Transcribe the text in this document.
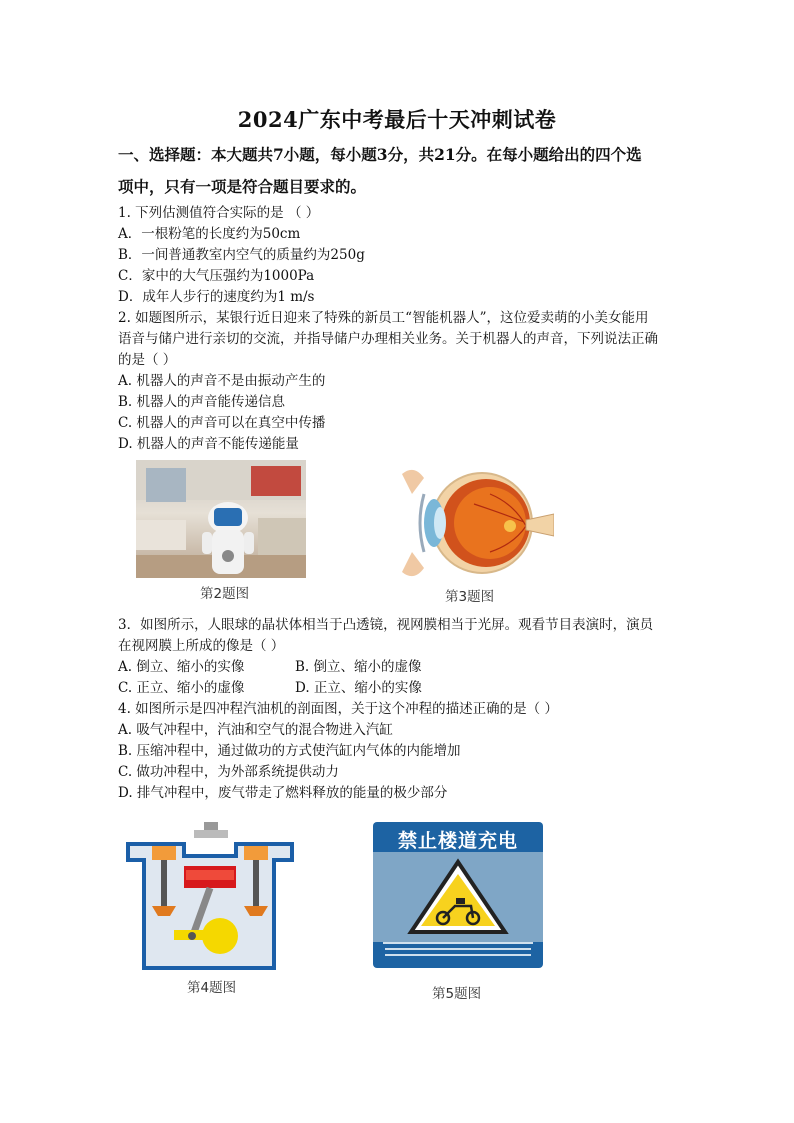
2024广东中考最后十天冲刺试卷
一、选择题：本大题共7小题，每小题3分，共21分。在每小题给出的四个选
项中，只有一项是符合题目要求的。
1. 下列估测值符合实际的是 （ ）
A．一根粉笔的长度约为50cm
B．一间普通教室内空气的质量约为250g
C．家中的大气压强约为1000Pa
D．成年人步行的速度约为1 m/s
2. 如题图所示，某银行近日迎来了特殊的新员工“智能机器人”，这位爱卖萌的小美女能用
语音与储户进行亲切的交流，并指导储户办理相关业务。关于机器人的声音，下列说法正确
的是（ ）
A. 机器人的声音不是由振动产生的
B. 机器人的声音能传递信息
C. 机器人的声音可以在真空中传播
D. 机器人的声音不能传递能量
第2题图	第3题图
3．如图所示，人眼球的晶状体相当于凸透镜，视网膜相当于光屏。观看节目表演时，演员
在视网膜上所成的像是（ ）
A. 倒立、缩小的实像	B. 倒立、缩小的虚像
C. 正立、缩小的虚像	D. 正立、缩小的实像
4. 如图所示是四冲程汽油机的剖面图，关于这个冲程的描述正确的是（ ）
A. 吸气冲程中，汽油和空气的混合物进入汽缸
B. 压缩冲程中，通过做功的方式使汽缸内气体的内能增加
C. 做功冲程中，为外部系统提供动力
D. 排气冲程中，废气带走了燃料释放的能量的极少部分
第4题图
禁止楼道充电
第5题图
